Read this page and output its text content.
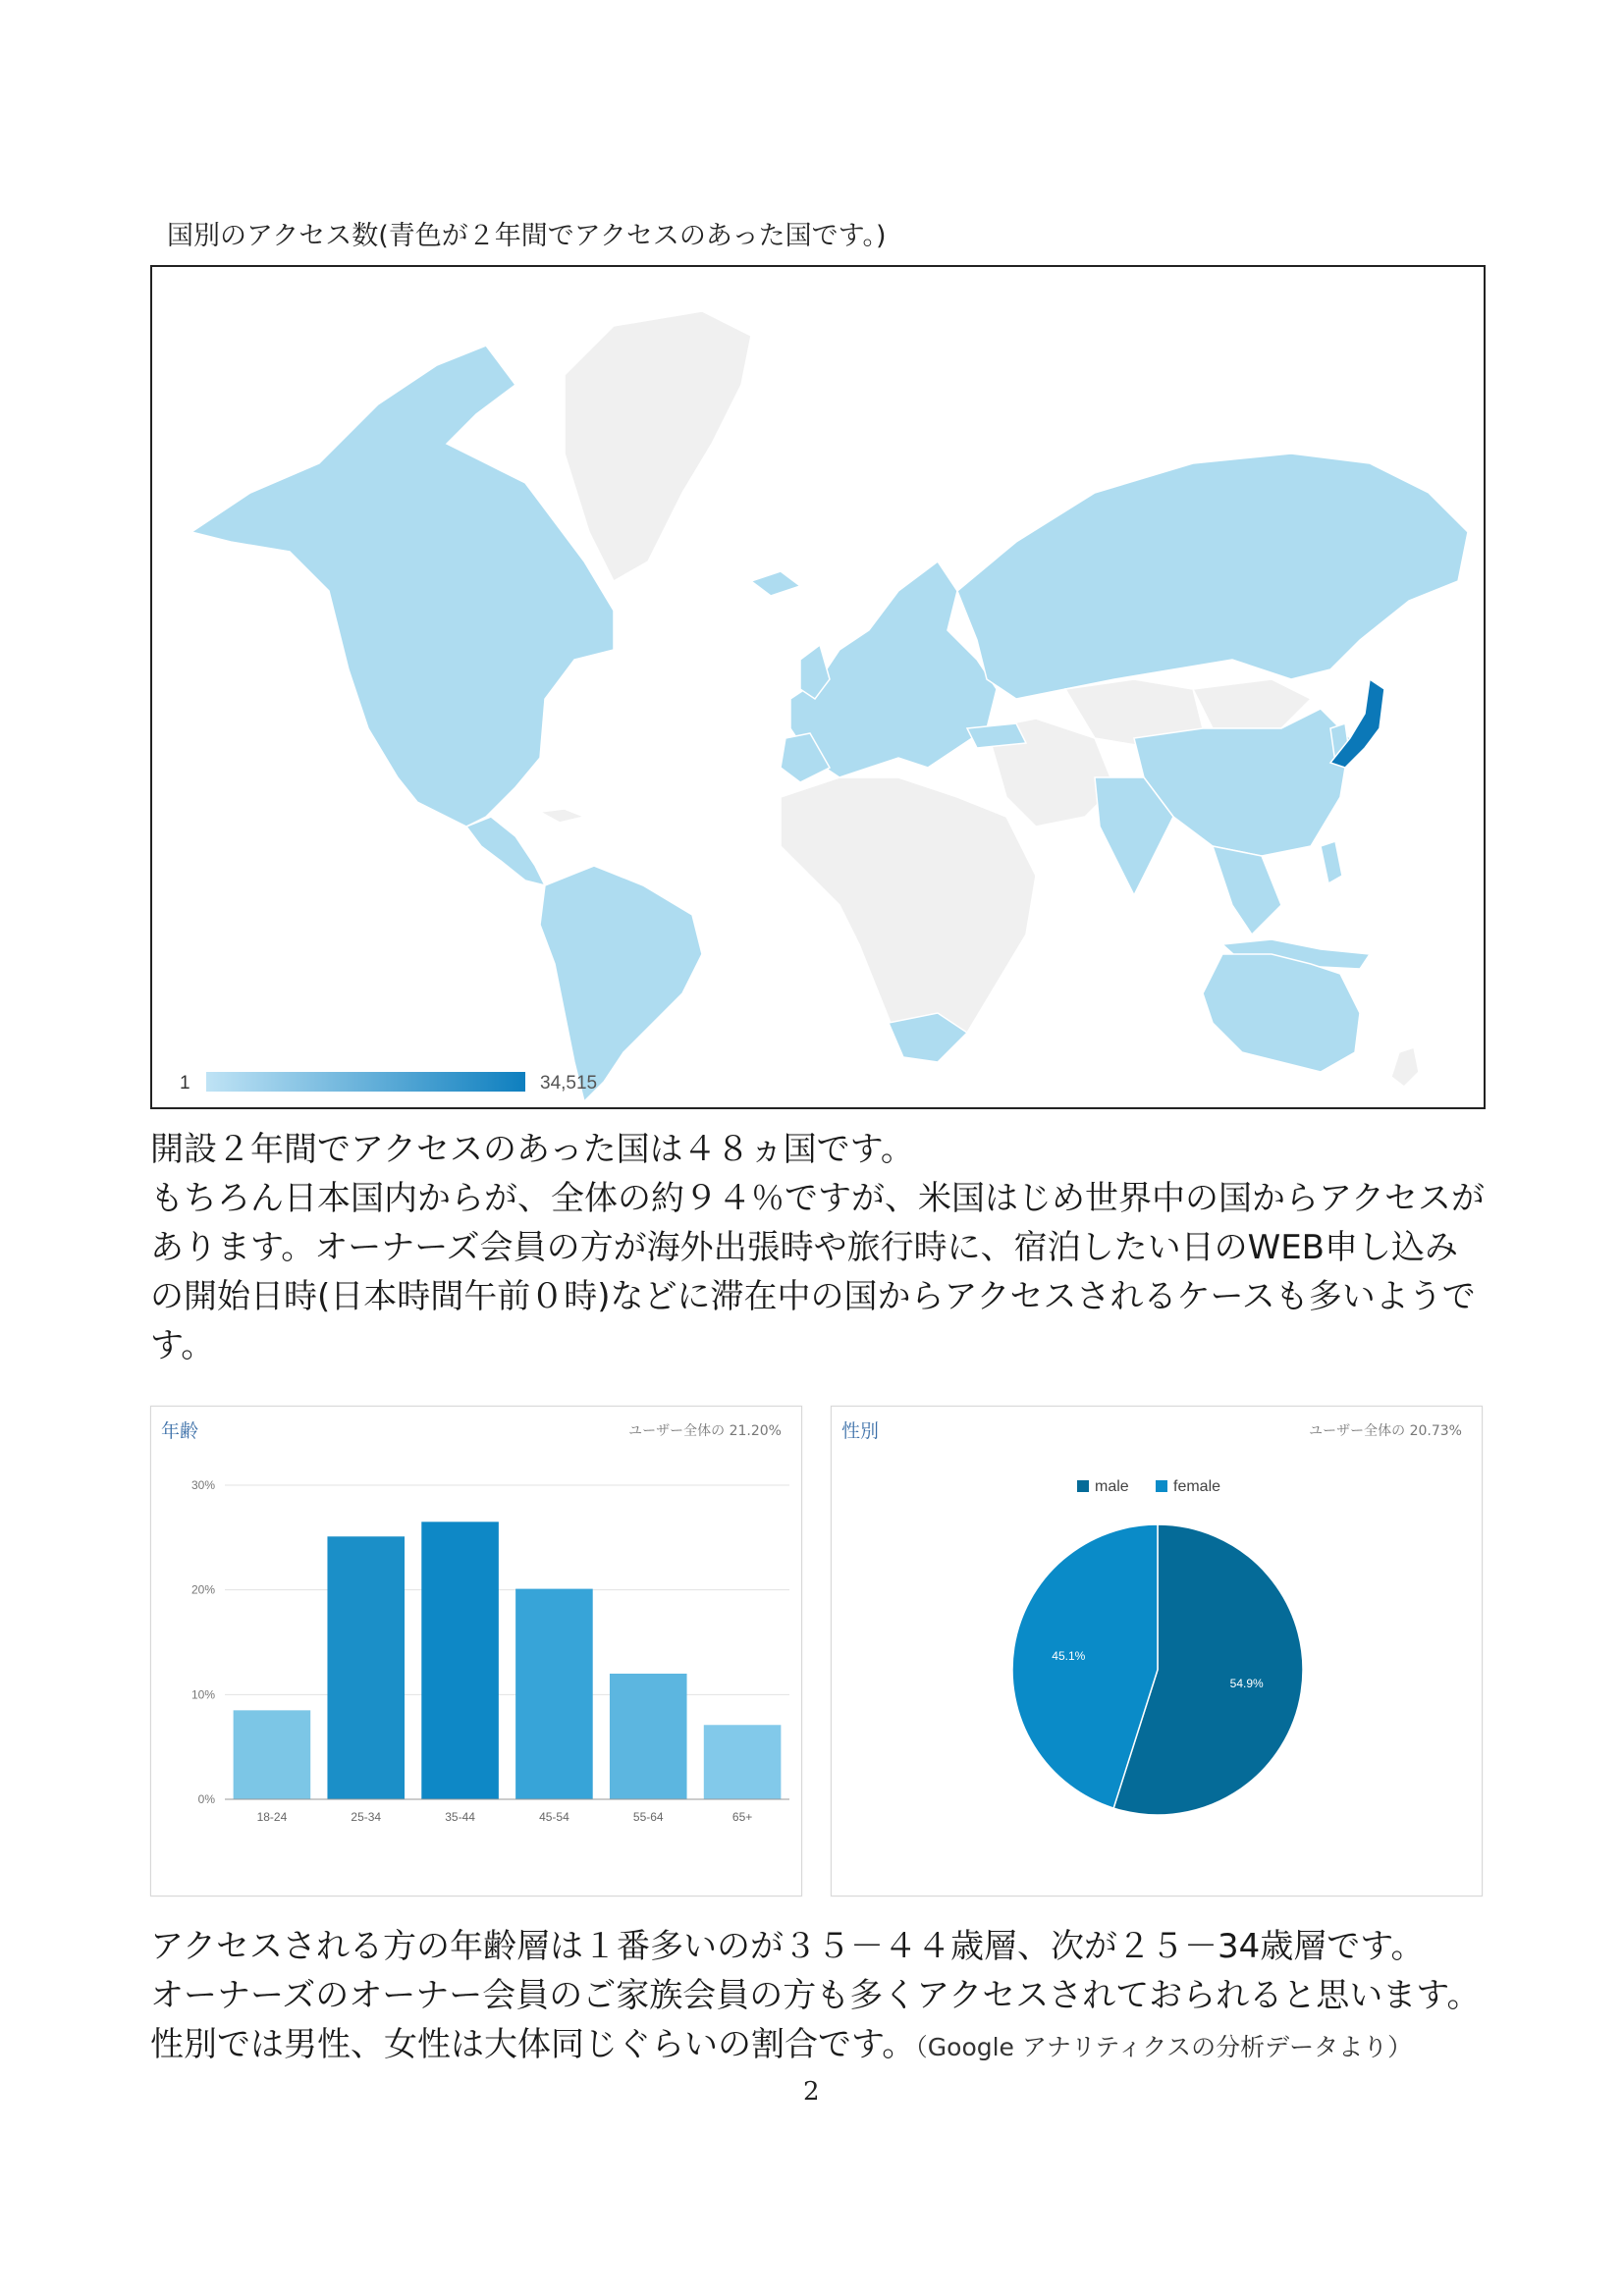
国別のアクセス数(青色が２年間でアクセスのあった国です。)
1	34,515
開設２年間でアクセスのあった国は４８ヵ国です。
もちろん日本国内からが、全体の約９４％ですが、米国はじめ世界中の国からアクセスが
あります。オーナーズ会員の方が海外出張時や旅行時に、宿泊したい日のWEB申し込み
の開始日時(日本時間午前０時)などに滞在中の国からアクセスされるケースも多いようで
す。
年齢	ユーザー全体の 21.20%
0%
10%
20%
30%
18-24	25-34	35-44	45-54	55-64	65+
性別	ユーザー全体の 20.73%
male	female
54.9%
45.1%
アクセスされる方の年齢層は１番多いのが３５－４４歳層、次が２５－34歳層です。
オーナーズのオーナー会員のご家族会員の方も多くアクセスされておられると思います。
性別では男性、女性は大体同じぐらいの割合です。（Google アナリティクスの分析データより）
2
